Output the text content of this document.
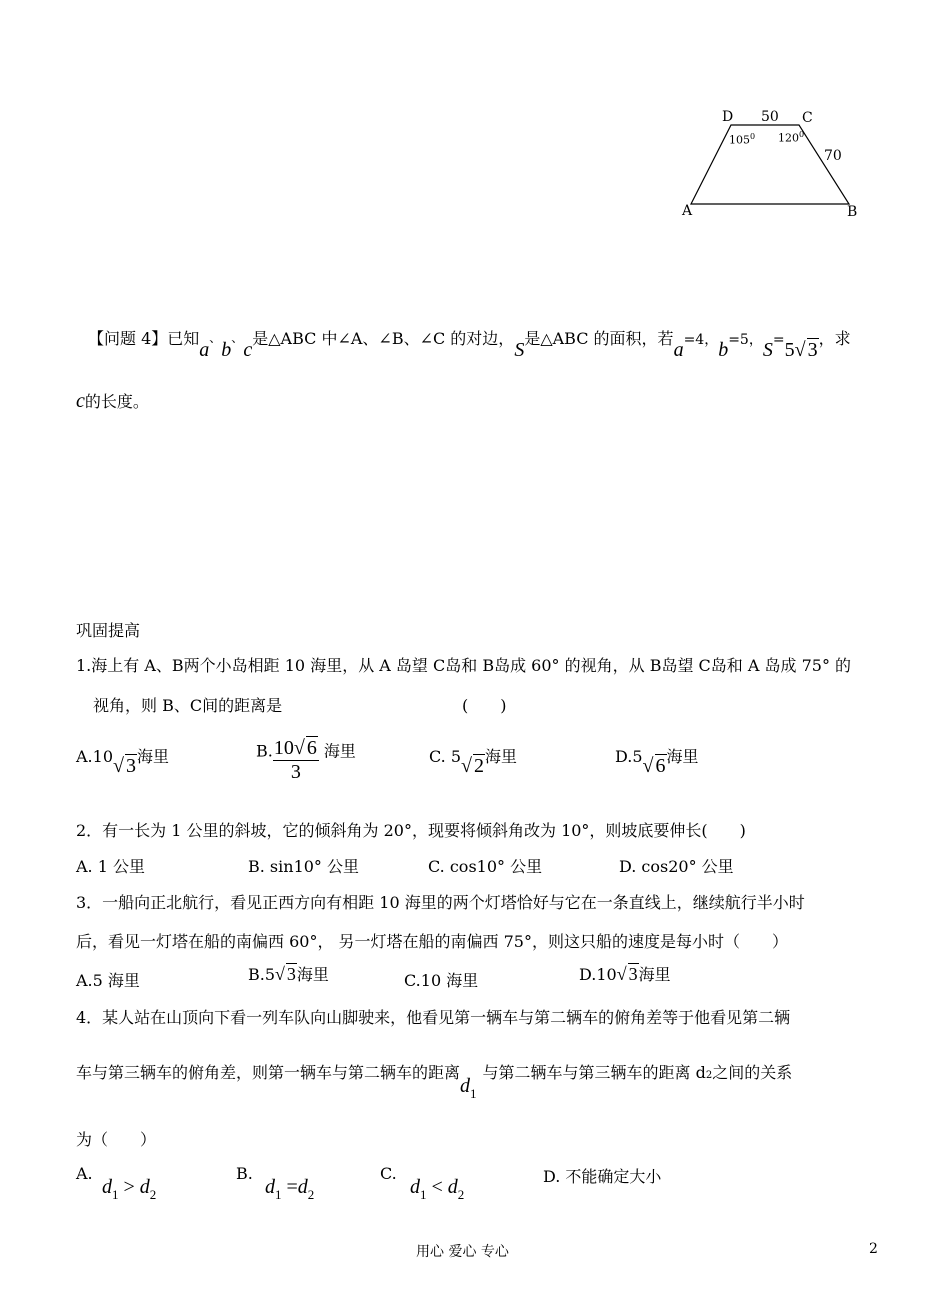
D 50 C
$105^0$ $120^0$
70
A	B
【问题 4】已知a、b、c是△ABC 中∠A、∠B、∠C 的对边，S是△ABC 的面积，若a=4，b=5，S=5√ 3，求
c的长度。
巩固提高
1.海上有 A、B两个小岛相距 10 海里，从 A 岛望 C岛和 B岛成 60° 的视角，从 B岛望 C岛和 A 岛成 75° 的
视角，则 B、C间的距离是	(　　)
A.10√ 3海里	B. $\frac{10√ 6}{3}$ 海里	C. 5√ 2海里	D.5√ 6海里
2．有一长为 1 公里的斜坡，它的倾斜角为 20°，现要将倾斜角改为 10°，则坡底要伸长(　　)
A. 1 公里	B. sin10° 公里	C. cos10° 公里	D. cos20° 公里
3．一船向正北航行，看见正西方向有相距 10 海里的两个灯塔恰好与它在一条直线上，继续航行半小时
后，看见一灯塔在船的南偏西 60°， 另一灯塔在船的南偏西 75°，则这只船的速度是每小时（　　）
A.5 海里	B.5√ 3海里	C.10 海里	D.10√ 3海里
4．某人站在山顶向下看一列车队向山脚驶来，他看见第一辆车与第二辆车的俯角差等于他看见第二辆
车与第三辆车的俯角差，则第一辆车与第二辆车的距离$d_1$与第二辆车与第三辆车的距离 d2之间的关系
为（　　）
A.
$d_1 > d_2$
B.
$d_1 =d_2$
C.
$d_1 < d_2$
D. 不能确定大小
用心 爱心 专心	2
